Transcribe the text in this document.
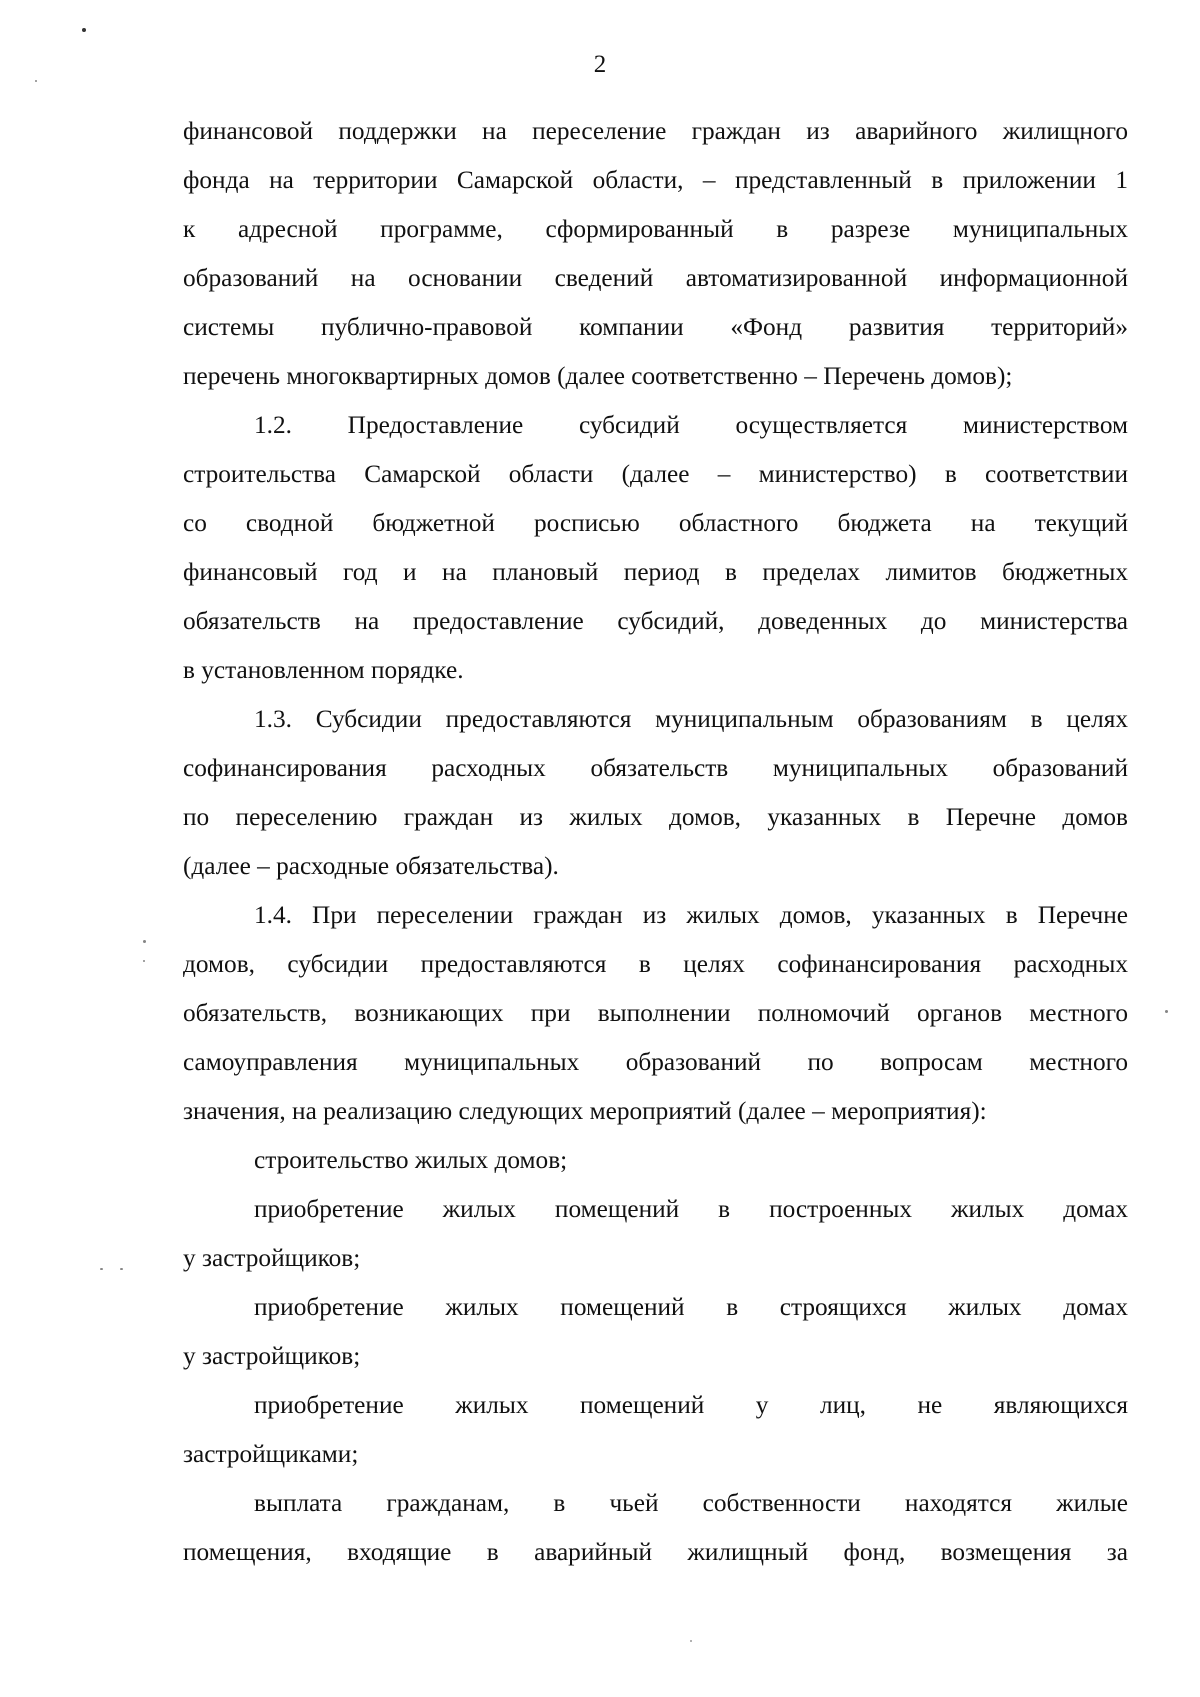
2
финансовой поддержки на переселение граждан из аварийного жилищного
фонда на территории Самарской области, – представленный в приложении 1
к адресной программе, сформированный в разрезе муниципальных
образований на основании сведений автоматизированной информационной
системы публично-правовой компании «Фонд развития территорий»
перечень многоквартирных домов (далее соответственно – Перечень домов);
1.2. Предоставление субсидий осуществляется министерством
строительства Самарской области (далее – министерство) в соответствии
со сводной бюджетной росписью областного бюджета на текущий
финансовый год и на плановый период в пределах лимитов бюджетных
обязательств на предоставление субсидий, доведенных до министерства
в установленном порядке.
1.3. Субсидии предоставляются муниципальным образованиям в целях
софинансирования расходных обязательств муниципальных образований
по переселению граждан из жилых домов, указанных в Перечне домов
(далее – расходные обязательства).
1.4. При переселении граждан из жилых домов, указанных в Перечне
домов, субсидии предоставляются в целях софинансирования расходных
обязательств, возникающих при выполнении полномочий органов местного
самоуправления муниципальных образований по вопросам местного
значения, на реализацию следующих мероприятий (далее – мероприятия):
строительство жилых домов;
приобретение жилых помещений в построенных жилых домах
у застройщиков;
приобретение жилых помещений в строящихся жилых домах
у застройщиков;
приобретение жилых помещений у лиц, не являющихся
застройщиками;
выплата гражданам, в чьей собственности находятся жилые
помещения, входящие в аварийный жилищный фонд, возмещения за
